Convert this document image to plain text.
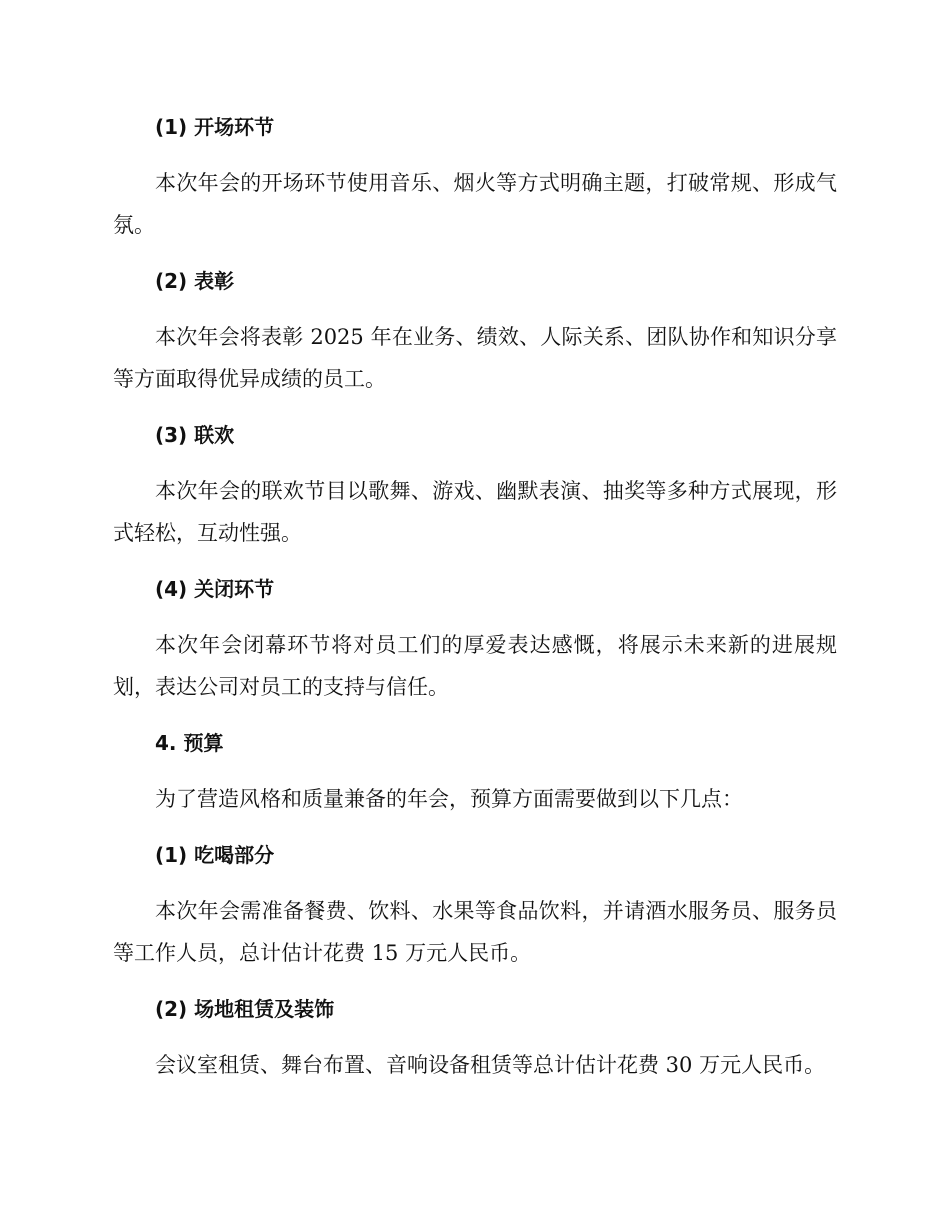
(1) 开场环节
本次年会的开场环节使用音乐、烟火等方式明确主题，打破常规、形成气氛。
(2) 表彰
本次年会将表彰 2025 年在业务、绩效、人际关系、团队协作和知识分享等方面取得优异成绩的员工。
(3) 联欢
本次年会的联欢节目以歌舞、游戏、幽默表演、抽奖等多种方式展现，形式轻松，互动性强。
(4) 关闭环节
本次年会闭幕环节将对员工们的厚爱表达感慨，将展示未来新的进展规划，表达公司对员工的支持与信任。
4. 预算
为了营造风格和质量兼备的年会，预算方面需要做到以下几点：
(1) 吃喝部分
本次年会需准备餐费、饮料、水果等食品饮料，并请酒水服务员、服务员等工作人员，总计估计花费 15 万元人民币。
(2) 场地租赁及装饰
会议室租赁、舞台布置、音响设备租赁等总计估计花费 30 万元人民币。
